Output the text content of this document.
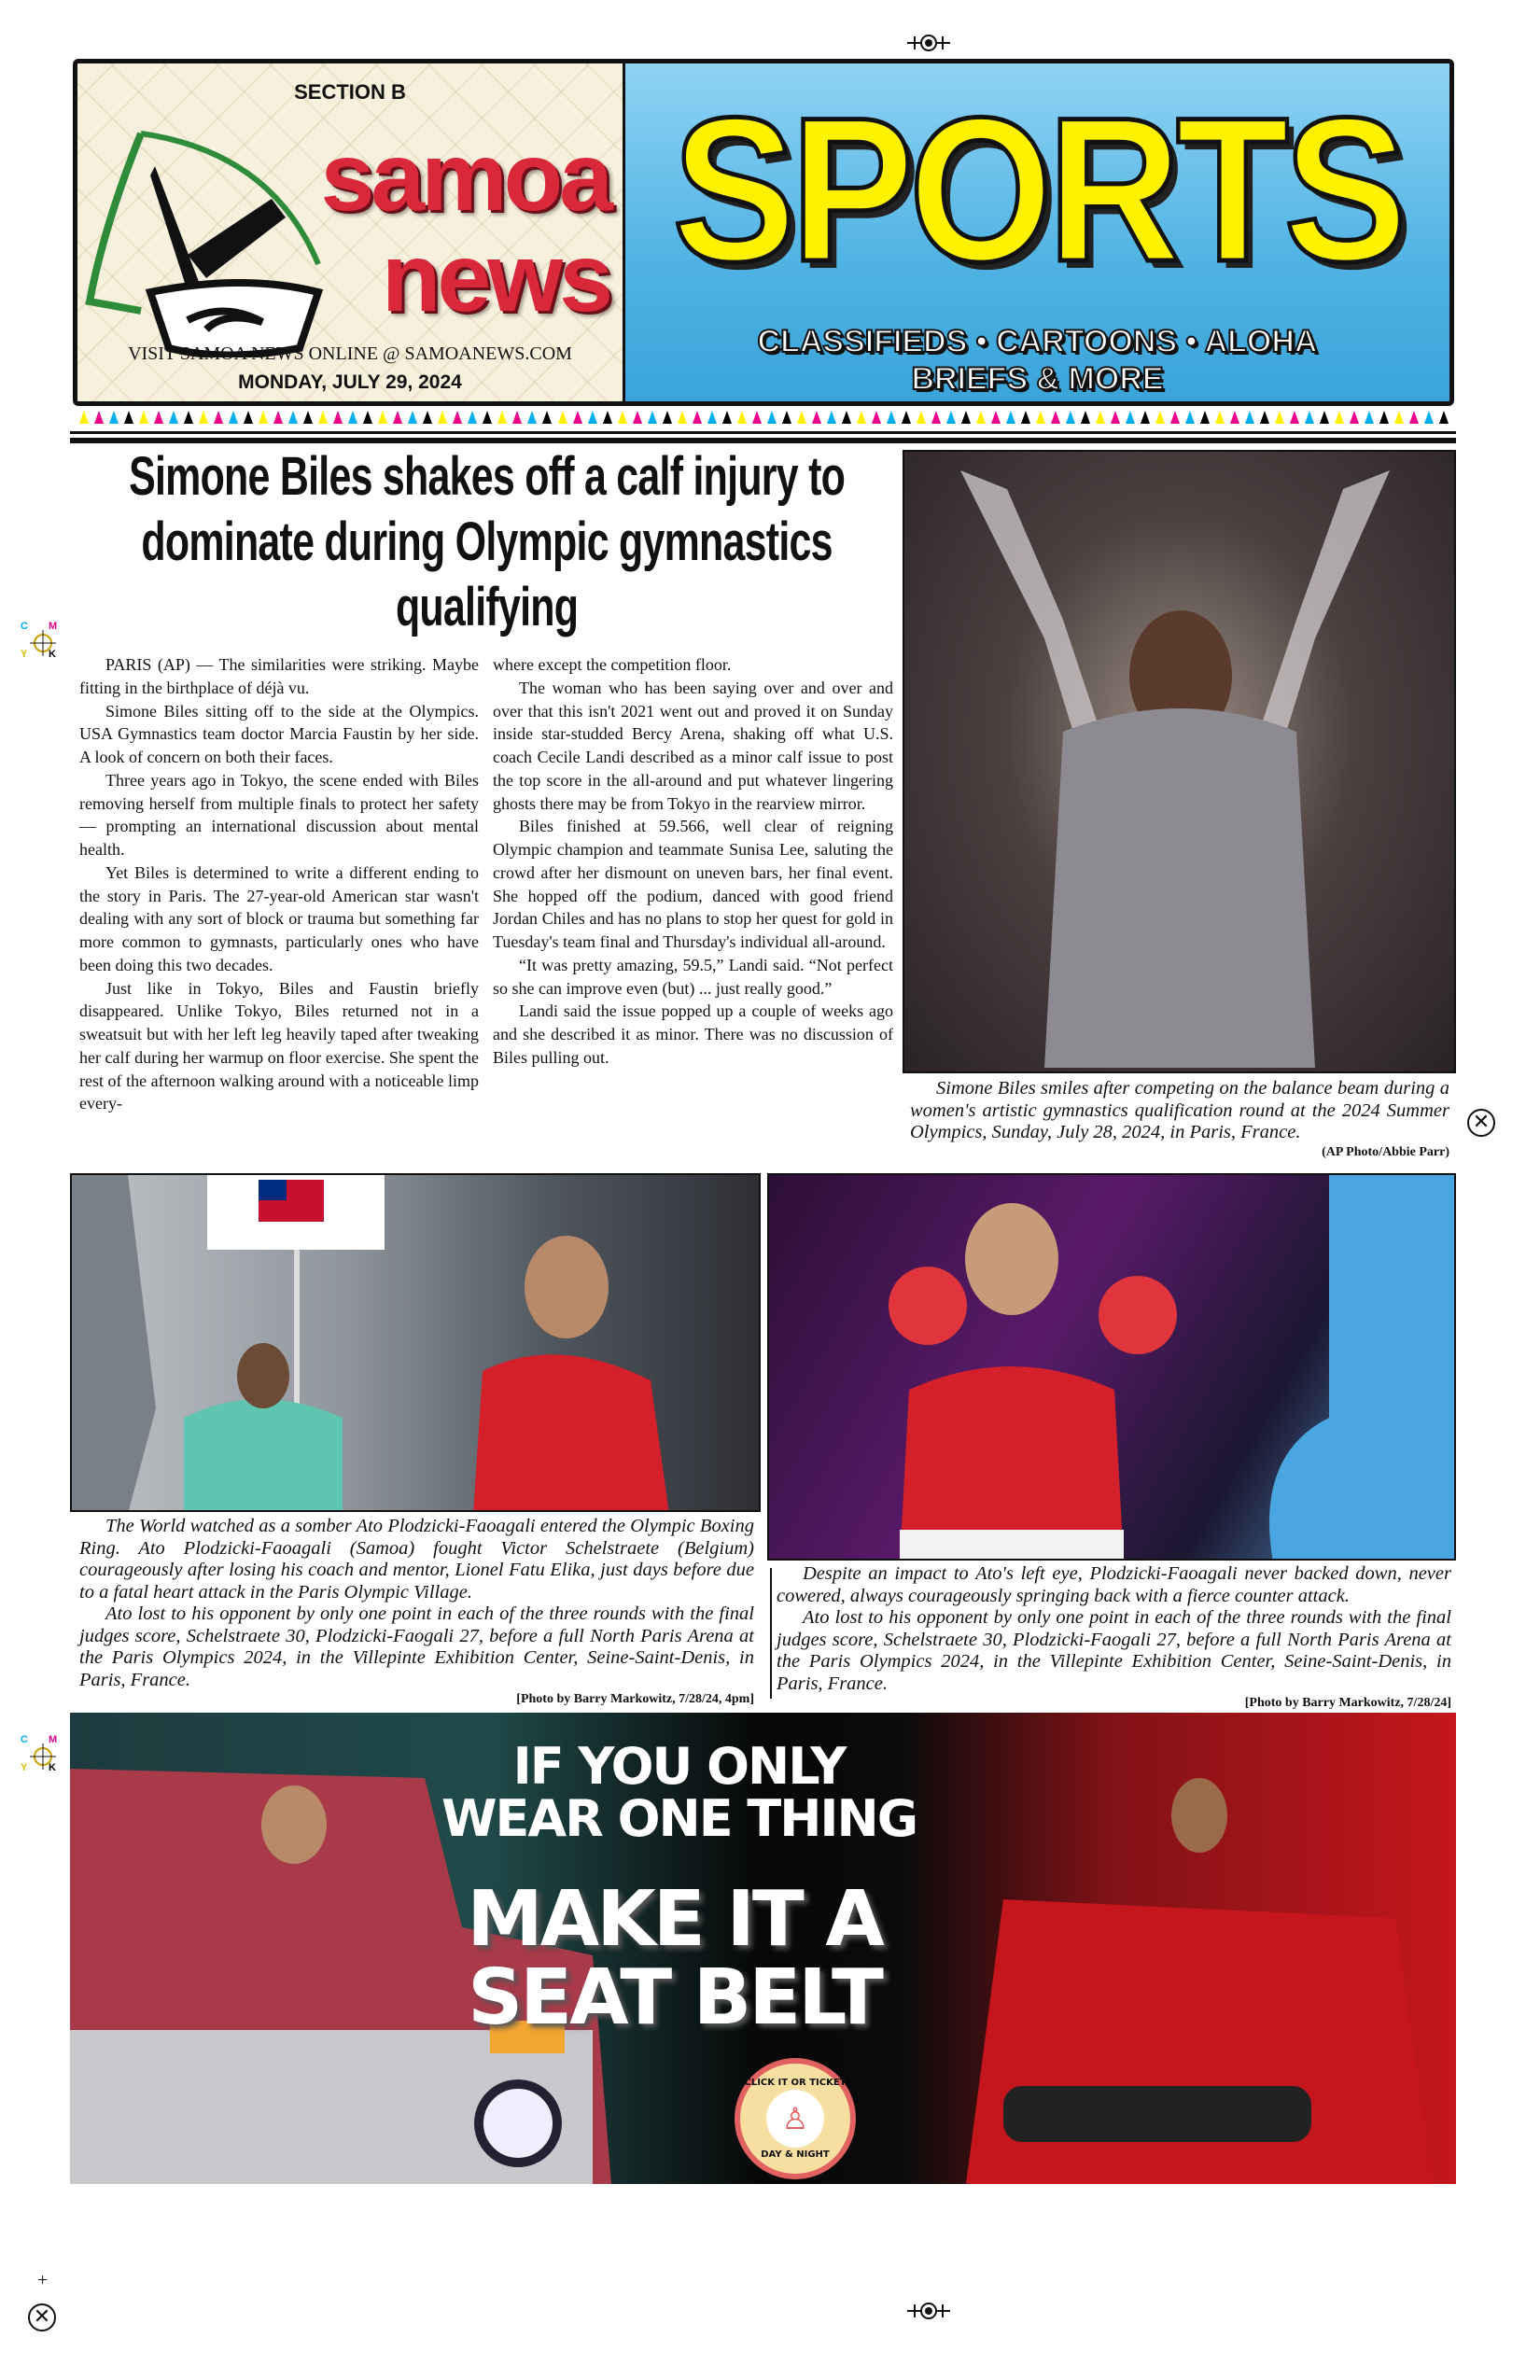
SECTION B
samoa
news
VISIT SAMOA NEWS ONLINE @ SAMOANEWS.COM
MONDAY, JULY 29, 2024
SPORTS
CLASSIFIEDS • CARTOONS • ALOHA
BRIEFS & MORE
Simone Biles shakes off a calf injury to dominate during Olympic gymnastics qualifying

PARIS (AP) — The similarities were striking. Maybe fitting in the birthplace of déjà vu.

Simone Biles sitting off to the side at the Olympics. USA Gymnastics team doctor Marcia Faustin by her side. A look of concern on both their faces.

Three years ago in Tokyo, the scene ended with Biles removing herself from multiple finals to protect her safety — prompting an international discussion about mental health.

Yet Biles is determined to write a different ending to the story in Paris. The 27-year-old American star wasn't dealing with any sort of block or trauma but something far more common to gymnasts, particularly ones who have been doing this two decades.

Just like in Tokyo, Biles and Faustin briefly disappeared. Unlike Tokyo, Biles returned not in a sweatsuit but with her left leg heavily taped after tweaking her calf during her warmup on floor exercise. She spent the rest of the afternoon walking around with a noticeable limp every-

where except the competition floor.

The woman who has been saying over and over and over that this isn't 2021 went out and proved it on Sunday inside star-studded Bercy Arena, shaking off what U.S. coach Cecile Landi described as a minor calf issue to post the top score in the all-around and put whatever lingering ghosts there may be from Tokyo in the rearview mirror.

Biles finished at 59.566, well clear of reigning Olympic champion and teammate Sunisa Lee, saluting the crowd after her dismount on uneven bars, her final event. She hopped off the podium, danced with good friend Jordan Chiles and has no plans to stop her quest for gold in Tuesday's team final and Thursday's individual all-around.

“It was pretty amazing, 59.5,” Landi said. “Not perfect so she can improve even (but) ... just really good.”

Landi said the issue popped up a couple of weeks ago and she described it as minor. There was no discussion of Biles pulling out.

Simone Biles smiles after competing on the balance beam during a women's artistic gymnastics qualification round at the 2024 Summer Olympics, Sunday, July 28, 2024, in Paris, France.

(AP Photo/Abbie Parr)

The World watched as a somber Ato Plodzicki-Faoagali entered the Olympic Boxing Ring. Ato Plodzicki-Faoagali (Samoa) fought Victor Schelstraete (Belgium) courageously after losing his coach and mentor, Lionel Fatu Elika, just days before due to a fatal heart attack in the Paris Olympic Village.

Ato lost to his opponent by only one point in each of the three rounds with the final judges score, Schelstraete 30, Plodzicki-Faogali 27, before a full North Paris Arena at the Paris Olympics 2024, in the Villepinte Exhibition Center, Seine-Saint-Denis, in Paris, France.

[Photo by Barry Markowitz, 7/28/24, 4pm]

Despite an impact to Ato's left eye, Plodzicki-Faoagali never backed down, never cowered, always courageously springing back with a fierce counter attack.

Ato lost to his opponent by only one point in each of the three rounds with the final judges score, Schelstraete 30, Plodzicki-Faogali 27, before a full North Paris Arena at the Paris Olympics 2024, in the Villepinte Exhibition Center, Seine-Saint-Denis, in Paris, France.

[Photo by Barry Markowitz, 7/28/24]
IF YOU ONLY
WEAR ONE THING
MAKE IT A
SEAT BELT
CLICK IT OR TICKET
♙
DAY & NIGHT
C M
Y K
C M
Y K
✕
+
✕
